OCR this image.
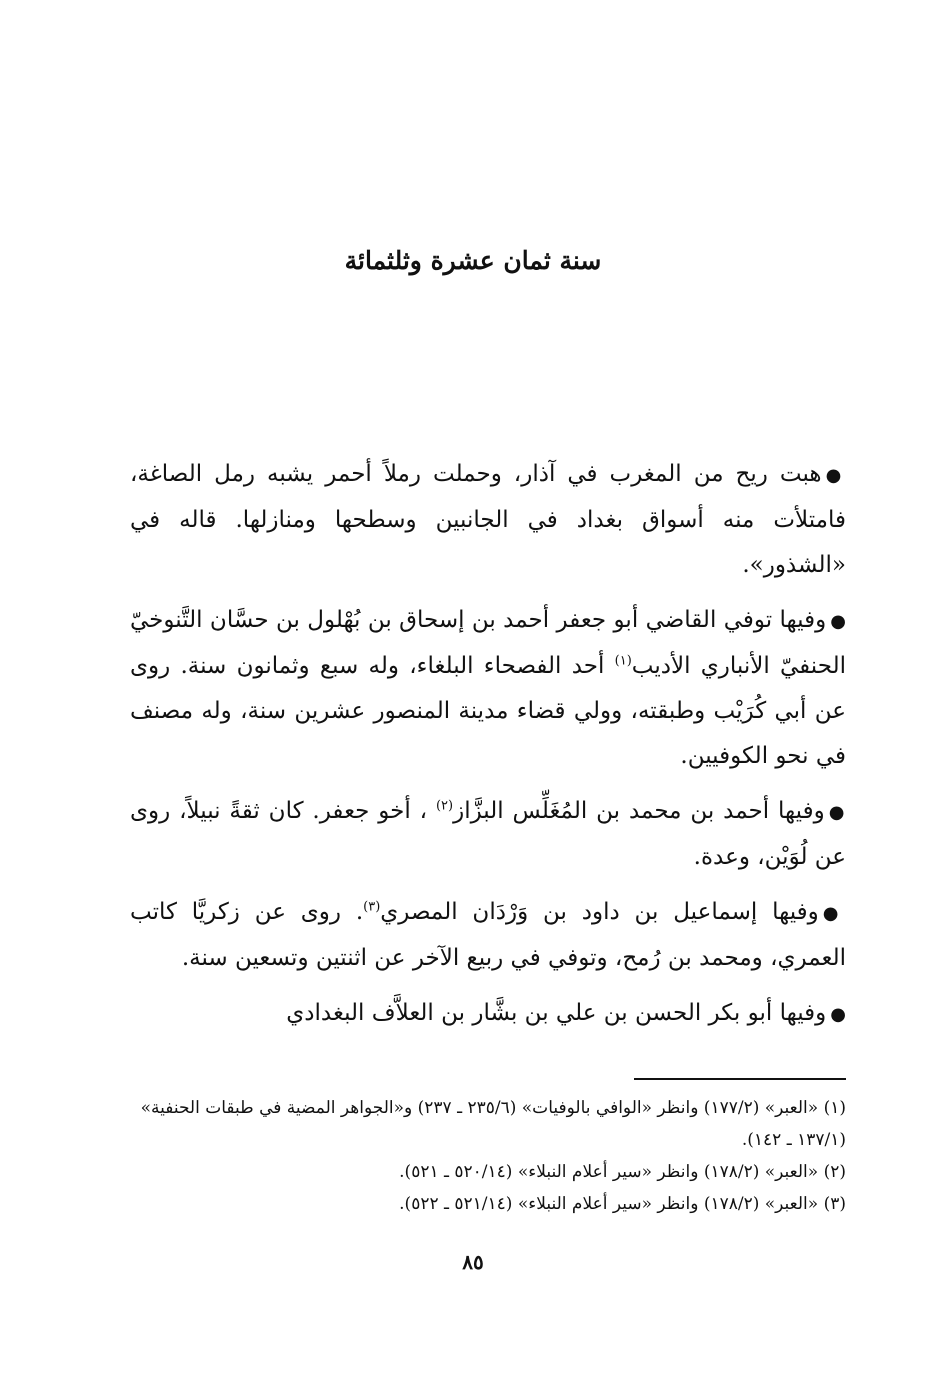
سنة ثمان عشرة وثلثمائة

●هبت ريح من المغرب في آذار، وحملت رملاً أحمر يشبه رمل الصاغة، فامتلأت منه أسواق بغداد في الجانبين وسطحها ومنازلها. قاله في «الشذور».

●وفيها توفي القاضي أبو جعفر أحمد بن إسحاق بن بُهْلول بن حسَّان التَّنوخيّ الحنفيّ الأنباري الأديب$^{(١)}$ أحد الفصحاء البلغاء، وله سبع وثمانون سنة. روى عن أبي كُرَيْب وطبقته، وولي قضاء مدينة المنصور عشرين سنة، وله مصنف في نحو الكوفيين.

●وفيها أحمد بن محمد بن المُغَلِّس البزَّاز$^{(٢)}$ ، أخو جعفر. كان ثقةً نبيلاً، روى عن لُوَيْن، وعدة.

●وفيها إسماعيل بن داود بن وَرْدَان المصري$^{(٣)}$. روى عن زكريَّا كاتب العمري، ومحمد بن رُمح، وتوفي في ربيع الآخر عن اثنتين وتسعين سنة.

●وفيها أبو بكر الحسن بن علي بن بشَّار بن العلاَّف البغدادي

(١) «العبر» (١٧٧/٢) وانظر «الوافي بالوفيات» (٢٣٥/٦ ـ ٢٣٧) و«الجواهر المضية في طبقات الحنفية» (١٣٧/١ ـ ١٤٢).

(٢) «العبر» (١٧٨/٢) وانظر «سير أعلام النبلاء» (٥٢٠/١٤ ـ ٥٢١).

(٣) «العبر» (١٧٨/٢) وانظر «سير أعلام النبلاء» (٥٢١/١٤ ـ ٥٢٢).

٨٥
